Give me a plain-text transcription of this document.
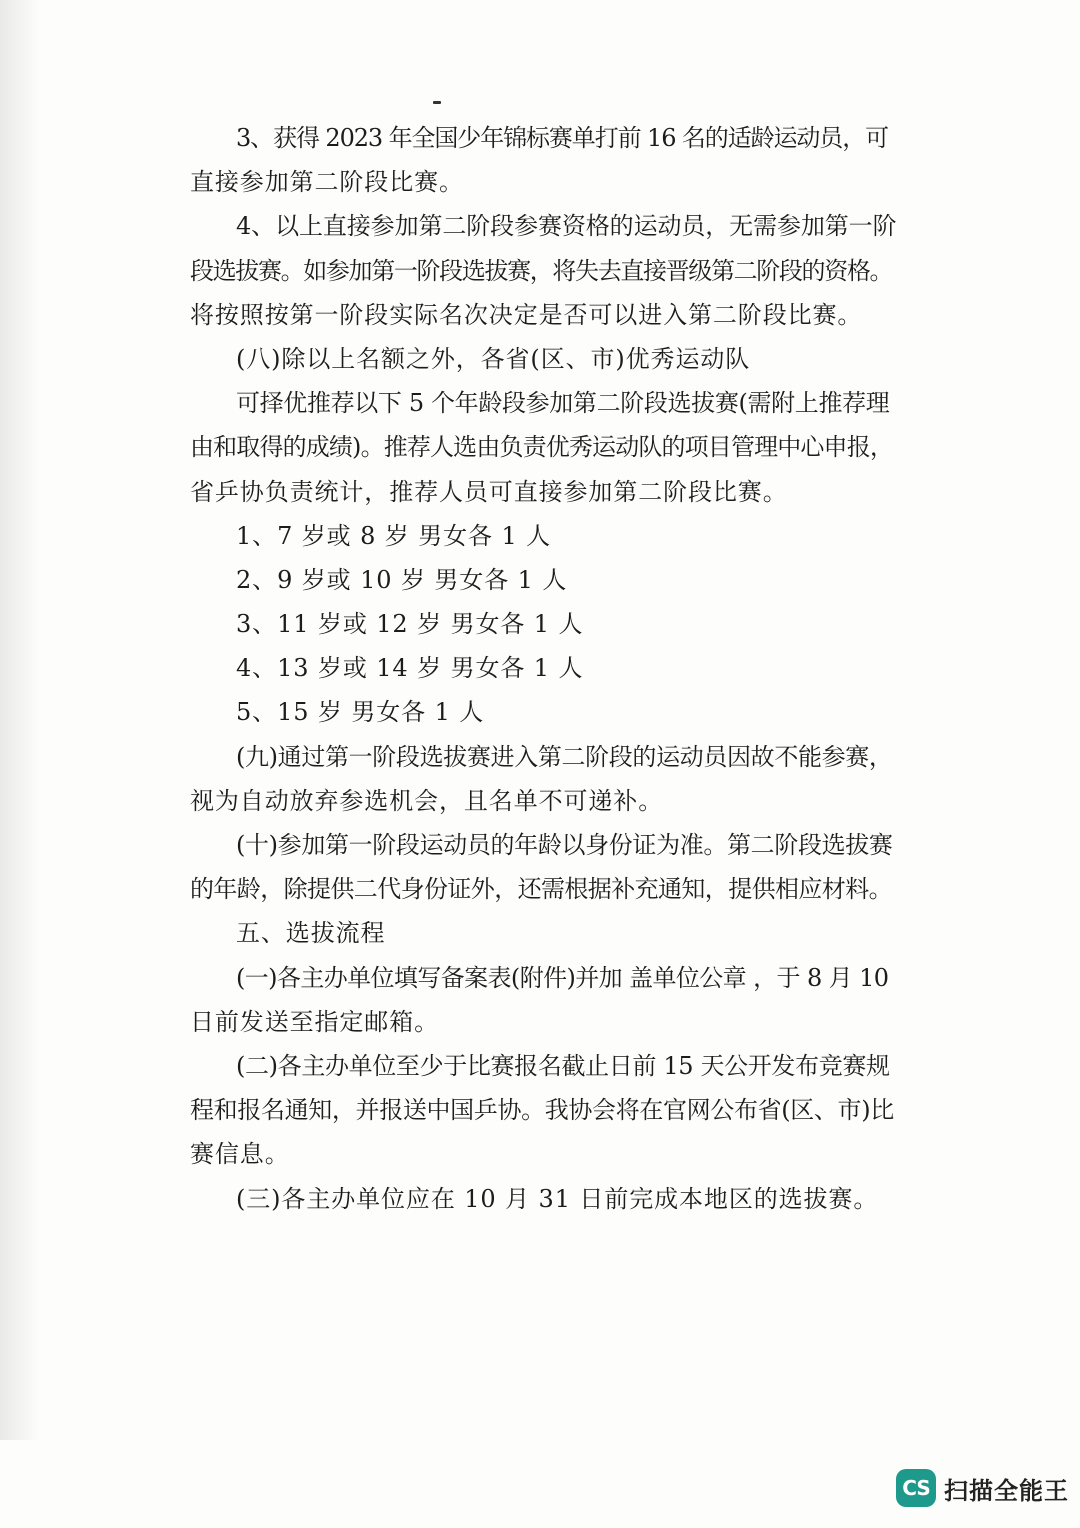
3、获得 2023 年全国少年锦标赛单打前 16 名的适龄运动员，可

直接参加第二阶段比赛。

4、以上直接参加第二阶段参赛资格的运动员，无需参加第一阶

段选拔赛。如参加第一阶段选拔赛，将失去直接晋级第二阶段的资格。

将按照按第一阶段实际名次决定是否可以进入第二阶段比赛。

(八)除以上名额之外，各省(区、市)优秀运动队

可择优推荐以下 5 个年龄段参加第二阶段选拔赛(需附上推荐理

由和取得的成绩)。推荐人选由负责优秀运动队的项目管理中心申报，

省乒协负责统计，推荐人员可直接参加第二阶段比赛。

1、7 岁或 8 岁 男女各 1 人

2、9 岁或 10 岁 男女各 1 人

3、11 岁或 12 岁 男女各 1 人

4、13 岁或 14 岁 男女各 1 人

5、15 岁 男女各 1 人

(九)通过第一阶段选拔赛进入第二阶段的运动员因故不能参赛，

视为自动放弃参选机会，且名单不可递补。

(十)参加第一阶段运动员的年龄以身份证为准。第二阶段选拔赛

的年龄，除提供二代身份证外，还需根据补充通知，提供相应材料。

五、选拔流程

(一)各主办单位填写备案表(附件)并加 盖单位公章 ，于 8 月 10

日前发送至指定邮箱。

(二)各主办单位至少于比赛报名截止日前 15 天公开发布竞赛规

程和报名通知，并报送中国乒协。我协会将在官网公布省(区、市)比

赛信息。

(三)各主办单位应在 10 月 31 日前完成本地区的选拔赛。

CS 扫描全能王
